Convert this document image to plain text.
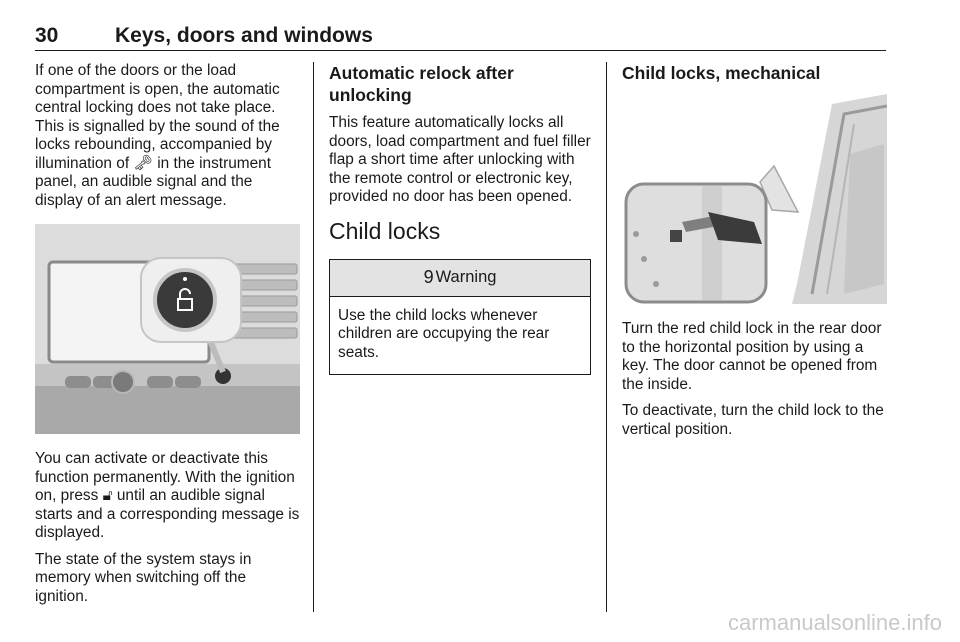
30	Keys, doors and windows

If one of the doors or the load compartment is open, the automatic central locking does not take place. This is signalled by the sound of the locks rebounding, accompanied by illumination of 🗝 in the instrument panel, an audible signal and the display of an alert message.

You can activate or deactivate this function permanently. With the ignition on, press 🔓︎ until an audible signal starts and a corresponding message is displayed.

The state of the system stays in memory when switching off the ignition.

Automatic relock after unlocking

This feature automatically locks all doors, load compartment and fuel filler flap a short time after unlocking with the remote control or electronic key, provided no door has been opened.

Child locks
9 Warning

Use the child locks whenever children are occupying the rear seats.

Child locks, mechanical

Turn the red child lock in the rear door to the horizontal position by using a key. The door cannot be opened from the inside.

To deactivate, turn the child lock to the vertical position.

carmanualsonline.info
